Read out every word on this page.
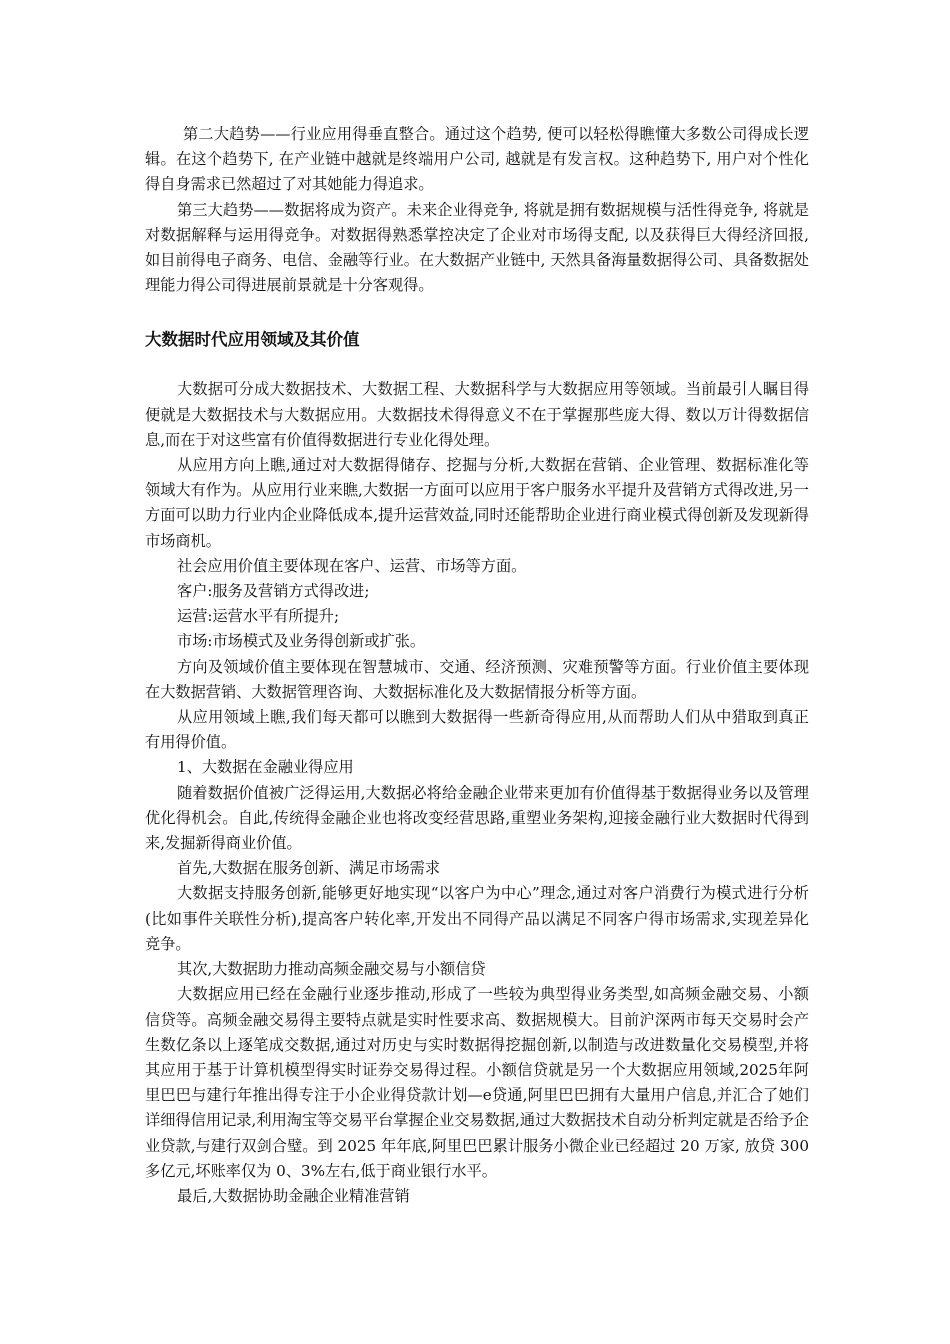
第二大趋势——行业应用得垂直整合。通过这个趋势, 便可以轻松得瞧懂大多数公司得成长逻辑。在这个趋势下, 在产业链中越就是终端用户公司, 越就是有发言权。这种趋势下, 用户对个性化得自身需求已然超过了对其她能力得追求。

第三大趋势——数据将成为资产。未来企业得竞争, 将就是拥有数据规模与活性得竞争, 将就是对数据解释与运用得竞争。对数据得熟悉掌控决定了企业对市场得支配, 以及获得巨大得经济回报, 如目前得电子商务、电信、金融等行业。在大数据产业链中, 天然具备海量数据得公司、具备数据处理能力得公司得进展前景就是十分客观得。

大数据时代应用领域及其价值

大数据可分成大数据技术、大数据工程、大数据科学与大数据应用等领域。当前最引人瞩目得便就是大数据技术与大数据应用。大数据技术得得意义不在于掌握那些庞大得、数以万计得数据信息,而在于对这些富有价值得数据进行专业化得处理。

从应用方向上瞧,通过对大数据得储存、挖掘与分析,大数据在营销、企业管理、数据标准化等领域大有作为。从应用行业来瞧,大数据一方面可以应用于客户服务水平提升及营销方式得改进,另一方面可以助力行业内企业降低成本,提升运营效益,同时还能帮助企业进行商业模式得创新及发现新得市场商机。

社会应用价值主要体现在客户、运营、市场等方面。

客户:服务及营销方式得改进;

运营:运营水平有所提升;

市场:市场模式及业务得创新或扩张。

方向及领域价值主要体现在智慧城市、交通、经济预测、灾难预警等方面。行业价值主要体现在大数据营销、大数据管理咨询、大数据标准化及大数据情报分析等方面。

从应用领域上瞧,我们每天都可以瞧到大数据得一些新奇得应用,从而帮助人们从中猎取到真正有用得价值。

1、大数据在金融业得应用

随着数据价值被广泛得运用,大数据必将给金融企业带来更加有价值得基于数据得业务以及管理优化得机会。自此,传统得金融企业也将改变经营思路,重塑业务架构,迎接金融行业大数据时代得到来,发掘新得商业价值。

首先,大数据在服务创新、满足市场需求

大数据支持服务创新,能够更好地实现“以客户为中心”理念,通过对客户消费行为模式进行分析(比如事件关联性分析),提高客户转化率,开发出不同得产品以满足不同客户得市场需求,实现差异化竞争。

其次,大数据助力推动高频金融交易与小额信贷

大数据应用已经在金融行业逐步推动,形成了一些较为典型得业务类型,如高频金融交易、小额信贷等。高频金融交易得主要特点就是实时性要求高、数据规模大。目前沪深两市每天交易时会产生数亿条以上逐笔成交数据,通过对历史与实时数据得挖掘创新,以制造与改进数量化交易模型,并将其应用于基于计算机模型得实时证券交易得过程。小额信贷就是另一个大数据应用领域,2025年阿里巴巴与建行年推出得专注于小企业得贷款计划—e贷通,阿里巴巴拥有大量用户信息,并汇合了她们详细得信用记录,利用淘宝等交易平台掌握企业交易数据,通过大数据技术自动分析判定就是否给予企业贷款,与建行双剑合璧。到 2025 年年底,阿里巴巴累计服务小微企业已经超过 20 万家, 放贷 300 多亿元,坏账率仅为 0、3%左右,低于商业银行水平。

最后,大数据协助金融企业精准营销
